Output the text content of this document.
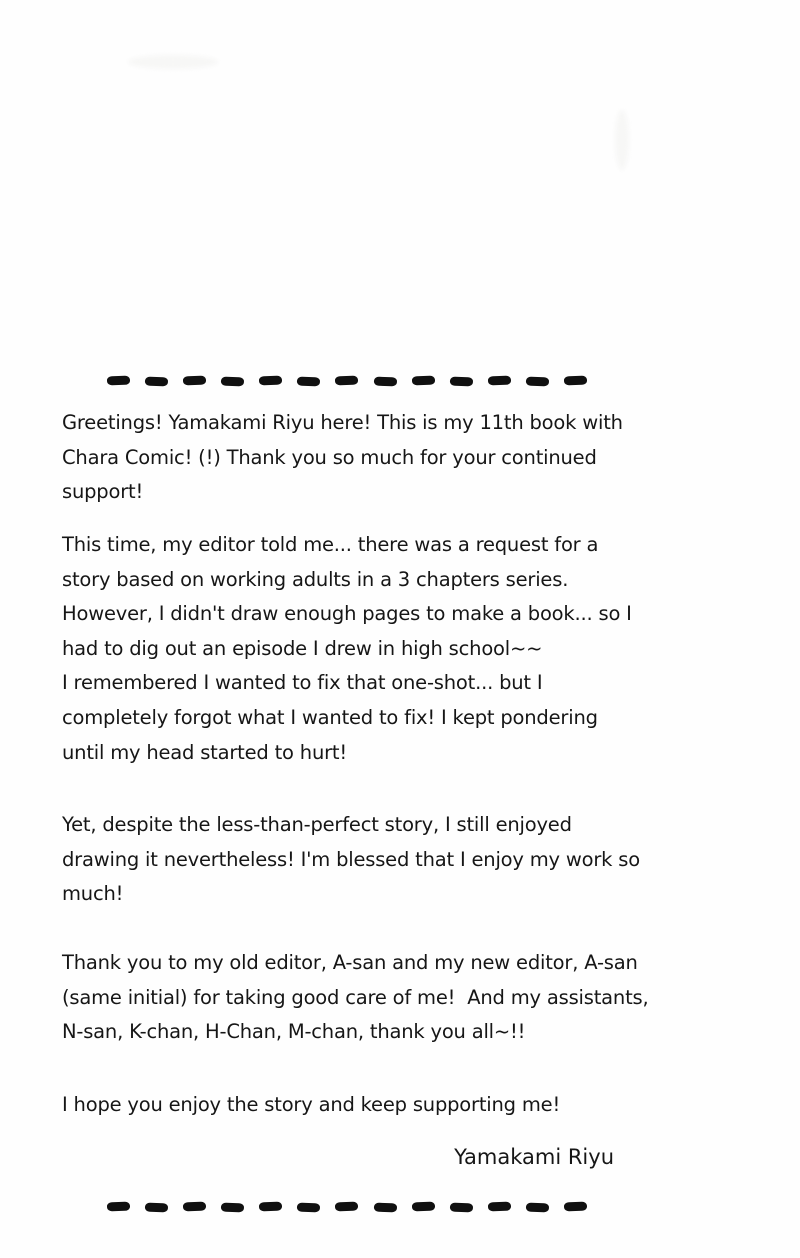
Greetings! Yamakami Riyu here! This is my 11th book with
Chara Comic! (!) Thank you so much for your continued
support!
This time, my editor told me... there was a request for a
story based on working adults in a 3 chapters series.
However, I didn't draw enough pages to make a book... so I
had to dig out an episode I drew in high school~~
I remembered I wanted to fix that one-shot... but I
completely forgot what I wanted to fix! I kept pondering
until my head started to hurt!
Yet, despite the less-than-perfect story, I still enjoyed
drawing it nevertheless! I'm blessed that I enjoy my work so
much!
Thank you to my old editor, A-san and my new editor, A-san
(same initial) for taking good care of me!  And my assistants,
N-san, K-chan, H-Chan, M-chan, thank you all~!!
I hope you enjoy the story and keep supporting me!
Yamakami Riyu
